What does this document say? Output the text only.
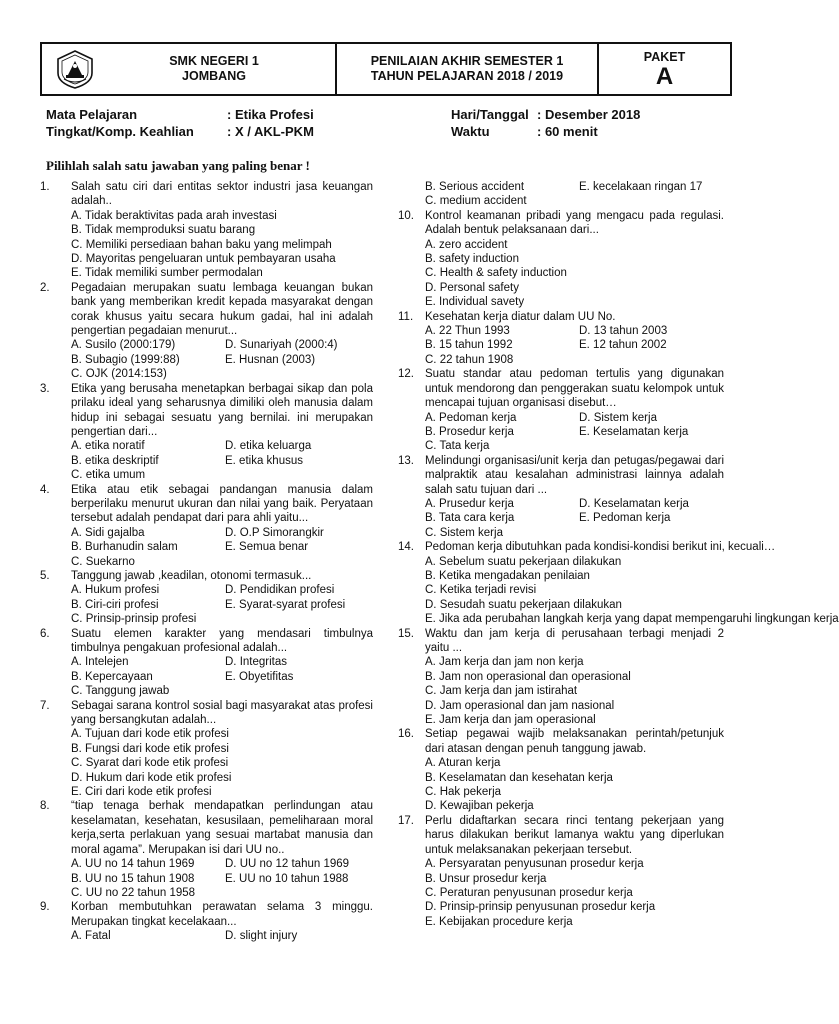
SMK NEGERI 1
JOMBANG
PENILAIAN AKHIR SEMESTER 1
TAHUN PELAJARAN 2018 / 2019
PAKET
A
Mata Pelajaran	: Etika Profesi
Tingkat/Komp. Keahlian	: X / AKL-PKM
Hari/Tanggal : Desember 2018
Waktu	: 60 menit
Pilihlah salah satu jawaban yang paling benar !
1.	Salah satu ciri dari entitas sektor industri jasa keuangan adalah..
A. Tidak beraktivitas pada arah investasi
B. Tidak memproduksi suatu barang
C. Memiliki persediaan bahan baku yang melimpah
D. Mayoritas pengeluaran untuk pembayaran usaha
E. Tidak memiliki sumber permodalan
2.	Pegadaian merupakan suatu lembaga keuangan bukan bank yang memberikan kredit kepada masyarakat dengan corak khusus yaitu secara hukum gadai, hal ini adalah pengertian pegadaian menurut...
A. Susilo (2000:179)	D. Sunariyah (2000:4)
B. Subagio (1999:88)	E. Husnan (2003)
C. OJK (2014:153)
3.	Etika yang berusaha menetapkan berbagai sikap dan pola prilaku ideal yang seharusnya dimiliki oleh manusia dalam hidup ini sebagai sesuatu yang bernilai. ini merupakan pengertian dari...
A. etika noratif	D. etika keluarga
B. etika deskriptif	E. etika khusus
C. etika umum
4.	Etika atau etik sebagai pandangan manusia dalam berperilaku menurut ukuran dan nilai yang baik. Peryataan tersebut adalah pendapat dari para ahli yaitu...
A. Sidi gajalba	D. O.P Simorangkir
B. Burhanudin salam	E. Semua benar
C. Suekarno
5.	Tanggung jawab ,keadilan, otonomi termasuk...
A. Hukum profesi	D. Pendidikan profesi
B. Ciri-ciri profesi	E. Syarat-syarat profesi
C. Prinsip-prinsip profesi
6.	Suatu elemen karakter yang mendasari timbulnya timbulnya pengakuan profesional adalah...
A. Intelejen	D. Integritas
B. Kepercayaan	E. Obyetifitas
C. Tanggung jawab
7.	Sebagai sarana kontrol sosial bagi masyarakat atas profesi yang bersangkutan adalah...
A. Tujuan dari kode etik profesi
B. Fungsi dari kode etik profesi
C. Syarat dari kode etik profesi
D. Hukum dari kode etik profesi
E. Ciri dari kode etik profesi
8.	“tiap tenaga berhak mendapatkan perlindungan atau keselamatan, kesehatan, kesusilaan, pemeliharaan moral kerja,serta perlakuan yang sesuai martabat manusia dan moral agama”. Merupakan isi dari UU no..
A. UU no 14 tahun 1969	D. UU no 12 tahun 1969
B. UU no 15 tahun 1908	E. UU no 10 tahun 1988
C. UU no 22 tahun 1958
9.	Korban membutuhkan perawatan selama 3 minggu. Merupakan tingkat kecelakaan...
A. Fatal	D. slight injury
B. Serious accident	E. kecelakaan ringan 17
C. medium accident
10. Kontrol keamanan pribadi yang mengacu pada regulasi. Adalah bentuk pelaksanaan dari...
A. zero accident
B. safety induction
C. Health & safety induction
D. Personal safety
E. Individual savety
11.	Kesehatan kerja diatur dalam UU No.
A. 22 Thun 1993	D. 13 tahun 2003
B. 15 tahun 1992	E. 12 tahun 2002
C. 22 tahun 1908
12. Suatu standar atau pedoman tertulis yang digunakan untuk mendorong dan penggerakan suatu kelompok untuk mencapai tujuan organisasi disebut…
A. Pedoman kerja	D. Sistem kerja
B. Prosedur kerja	E. Keselamatan kerja
C. Tata kerja
13. Melindungi organisasi/unit kerja dan petugas/pegawai dari malpraktik atau kesalahan administrasi lainnya adalah salah satu tujuan dari ...
A. Prusedur kerja	D. Keselamatan kerja
B. Tata cara kerja	E. Pedoman kerja
C. Sistem kerja
14. Pedoman kerja dibutuhkan pada kondisi-kondisi berikut ini, kecuali…
A. Sebelum suatu pekerjaan dilakukan
B. Ketika mengadakan penilaian
C. Ketika terjadi revisi
D. Sesudah suatu pekerjaan dilakukan
E. Jika ada perubahan langkah kerja yang dapat mempengaruhi lingkungan kerja
15. Waktu dan jam kerja di perusahaan terbagi menjadi 2 yaitu ...
A. Jam kerja dan jam non kerja
B. Jam non operasional dan operasional
C. Jam kerja dan jam istirahat
D. Jam operasional dan jam nasional
E. Jam kerja dan jam operasional
16. Setiap pegawai wajib melaksanakan perintah/petunjuk dari atasan dengan penuh tanggung jawab.
A. Aturan kerja
B. Keselamatan dan kesehatan kerja
C. Hak pekerja
D. Kewajiban pekerja
17. Perlu didaftarkan secara rinci tentang pekerjaan yang harus dilakukan berikut lamanya waktu yang diperlukan untuk melaksanakan pekerjaan tersebut.
A. Persyaratan penyusunan prosedur kerja
B. Unsur prosedur kerja
C. Peraturan penyusunan prosedur kerja
D. Prinsip-prinsip penyusunan prosedur kerja
E. Kebijakan procedure kerja
